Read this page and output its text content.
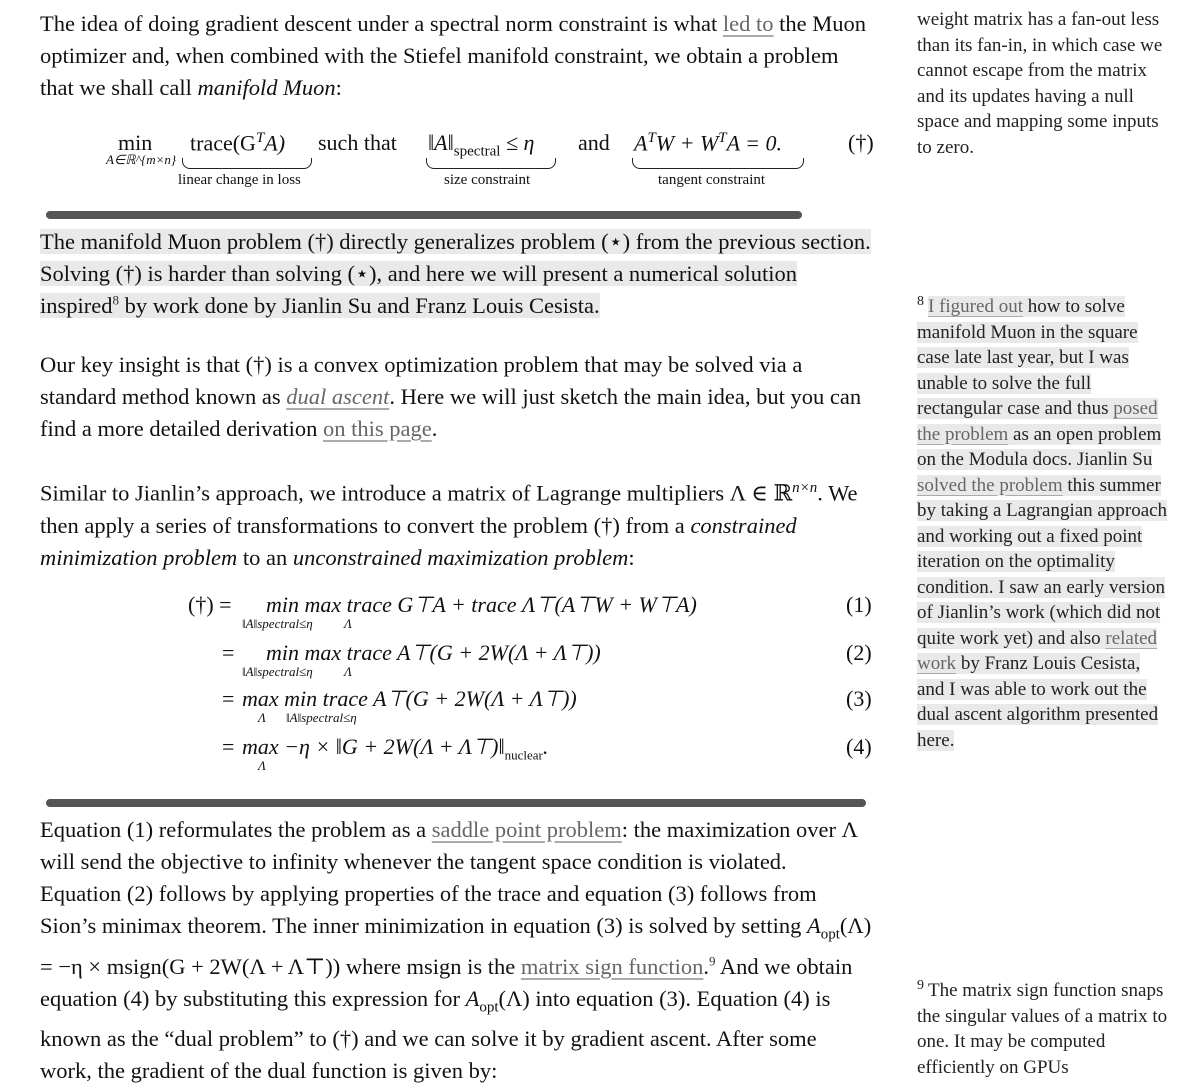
The idea of doing gradient descent under a spectral norm constraint is what led to the Muon optimizer and, when combined with the Stiefel manifold constraint, we obtain a problem that we shall call manifold Muon:

min
A∈ℝ^{m×n}
$trace(G^TA)$ such that $‖A‖_{spectral} \le \eta$ and $A^TW + W^TA = 0$.	(†)
linear change in loss	size constraint	tangent constraint

The manifold Muon problem (†) directly generalizes problem (⋆) from the previous section. Solving (†) is harder than solving (⋆), and here we will present a numerical solution inspired$^8$ by work done by Jianlin Su and Franz Louis Cesista.

Our key insight is that (†) is a convex optimization problem that may be solved via a standard method known as dual ascent. Here we will just sketch the main idea, but you can find a more detailed derivation on this page.

Similar to Jianlin’s approach, we introduce a matrix of Lagrange multipliers Λ ∈ ℝ$^{n\times n}$. We then apply a series of transformations to convert the problem (†) from a constrained minimization problem to an unconstrained maximization problem:

(†) = min max trace G⊤A + trace Λ⊤(A⊤W + W⊤A)
‖A‖spectral≤η Λ
(1)
= min max trace A⊤(G + 2W(Λ + Λ⊤))
‖A‖spectral≤η Λ
(2)
= max min trace A⊤(G + 2W(Λ + Λ⊤))
Λ ‖A‖spectral≤η
(3)
= max −η × ‖G + $2W(\Lambda + \Lambda⊤)‖_{nuclear}$.
Λ
(4)

Equation (1) reformulates the problem as a saddle point problem: the maximization over Λ will send the objective to infinity whenever the tangent space condition is violated. Equation (2) follows by applying properties of the trace and equation (3) follows from Sion’s minimax theorem. The inner minimization in equation (3) is solved by setting $A_{opt}(\Lambda) = -\eta$ × msign(G + 2W(Λ + Λ⊤)) where msign is the matrix sign function.$^9$ And we obtain equation (4) by substituting this expression for $A_{opt}(\Lambda)$ into equation (3). Equation (4) is known as the “dual problem” to (†) and we can solve it by gradient ascent. After some work, the gradient of the dual function is given by:

weight matrix has a fan-out less than its fan-in, in which case we cannot escape from the matrix and its updates having a null space and mapping some inputs to zero.
$^8$ I figured out how to solve manifold Muon in the square case late last year, but I was unable to solve the full rectangular case and thus posed the problem as an open problem on the Modula docs. Jianlin Su solved the problem this summer by taking a Lagrangian approach and working out a fixed point iteration on the optimality condition. I saw an early version of Jianlin’s work (which did not quite work yet) and also related work by Franz Louis Cesista, and I was able to work out the dual ascent algorithm presented here.
$^9$ The matrix sign function snaps the singular values of a matrix to one. It may be computed efficiently on GPUs
